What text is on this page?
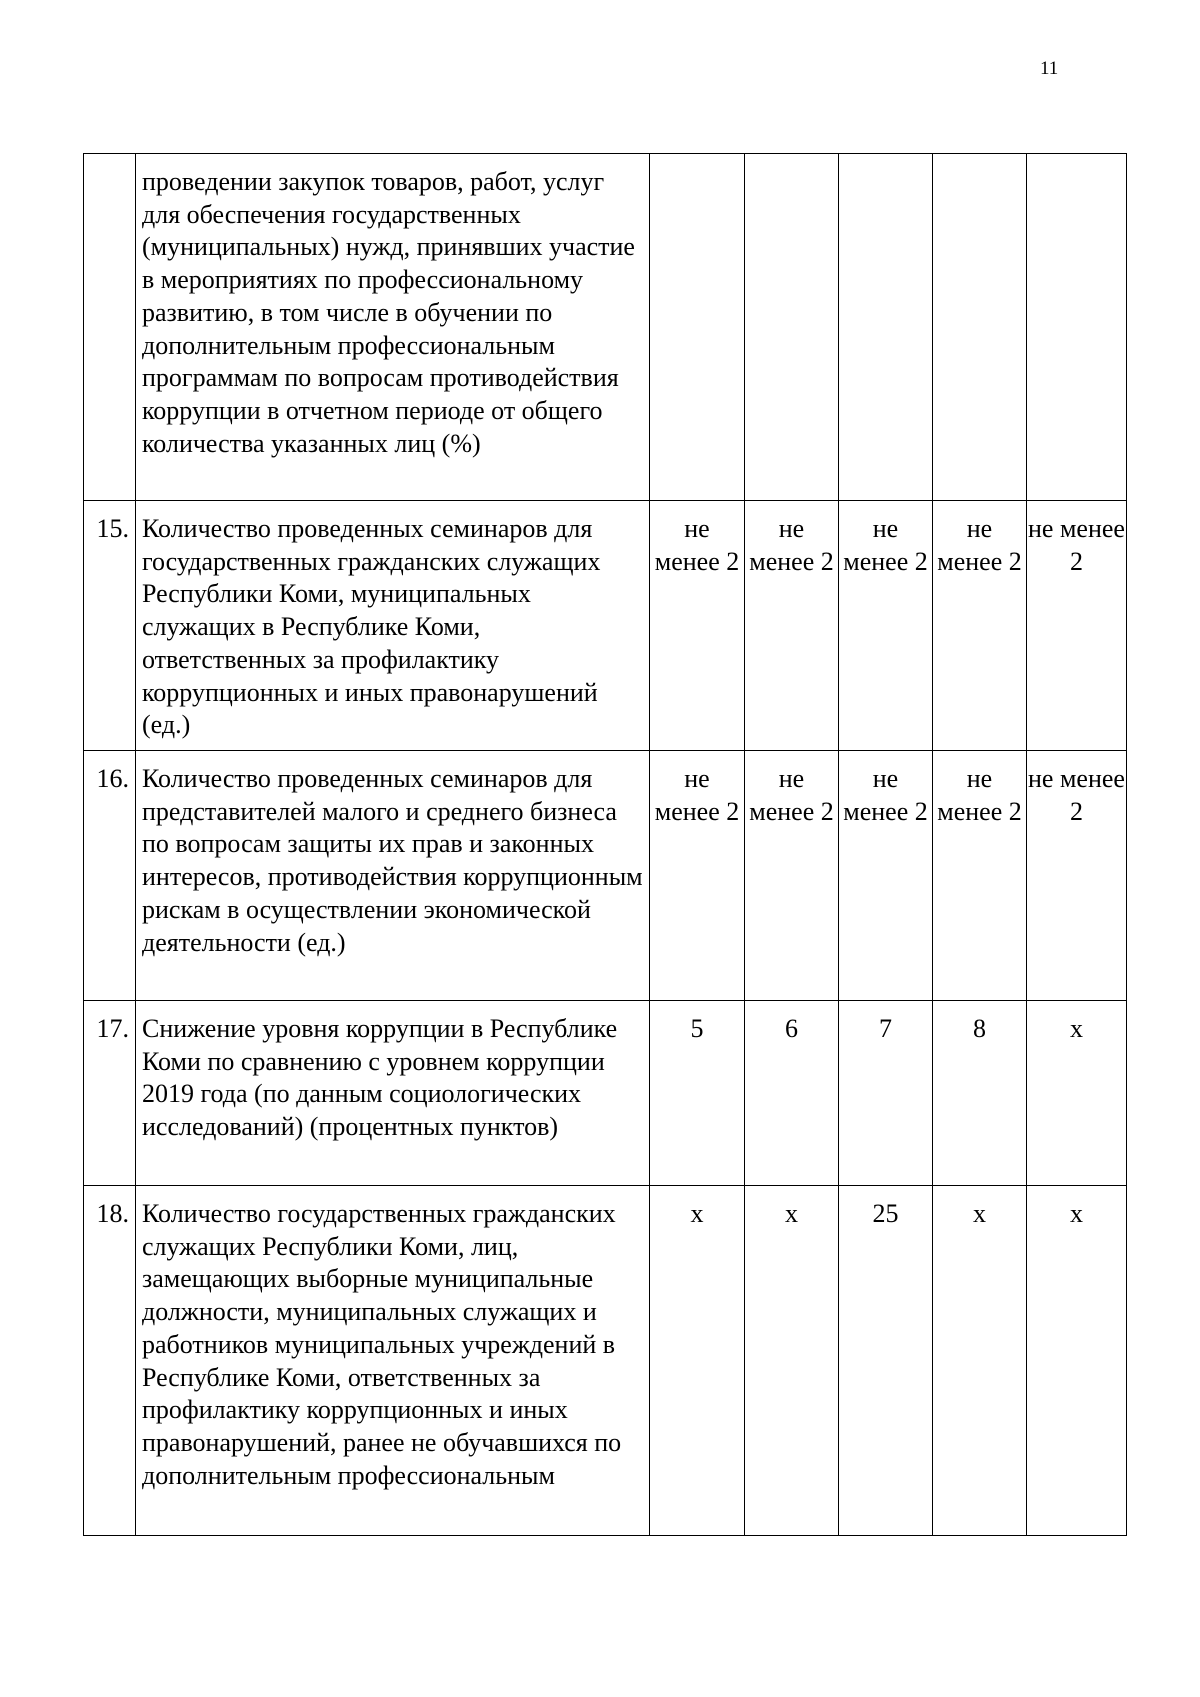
11
	проведении закупок товаров, работ, услуг для обеспечения государственных (муниципальных) нужд, принявших участие в мероприятиях по профессиональному развитию, в том числе в обучении по дополнительным профессиональным программам по вопросам противодействия коррупции в отчетном периоде от общего количества указанных лиц (%)					
15.	Количество проведенных семинаров для государственных гражданских служащих Республики Коми, муниципальных служащих в Республике Коми, ответственных за профилактику коррупционных и иных правонарушений (ед.)	не менее 2	не менее 2	не менее 2	не менее 2	не менее 2
16.	Количество проведенных семинаров для представителей малого и среднего бизнеса по вопросам защиты их прав и законных интересов, противодействия коррупционным рискам в осуществлении экономической деятельности (ед.)	не менее 2	не менее 2	не менее 2	не менее 2	не менее 2
17.	Снижение уровня коррупции в Республике Коми по сравнению с уровнем коррупции 2019 года (по данным социологических исследований) (процентных пунктов)	5	6	7	8	х
18.	Количество государственных гражданских служащих Республики Коми, лиц, замещающих выборные муниципальные должности, муниципальных служащих и работников муниципальных учреждений в Республике Коми, ответственных за профилактику коррупционных и иных правонарушений, ранее не обучавшихся по дополнительным профессиональным	х	х	25	х	х
